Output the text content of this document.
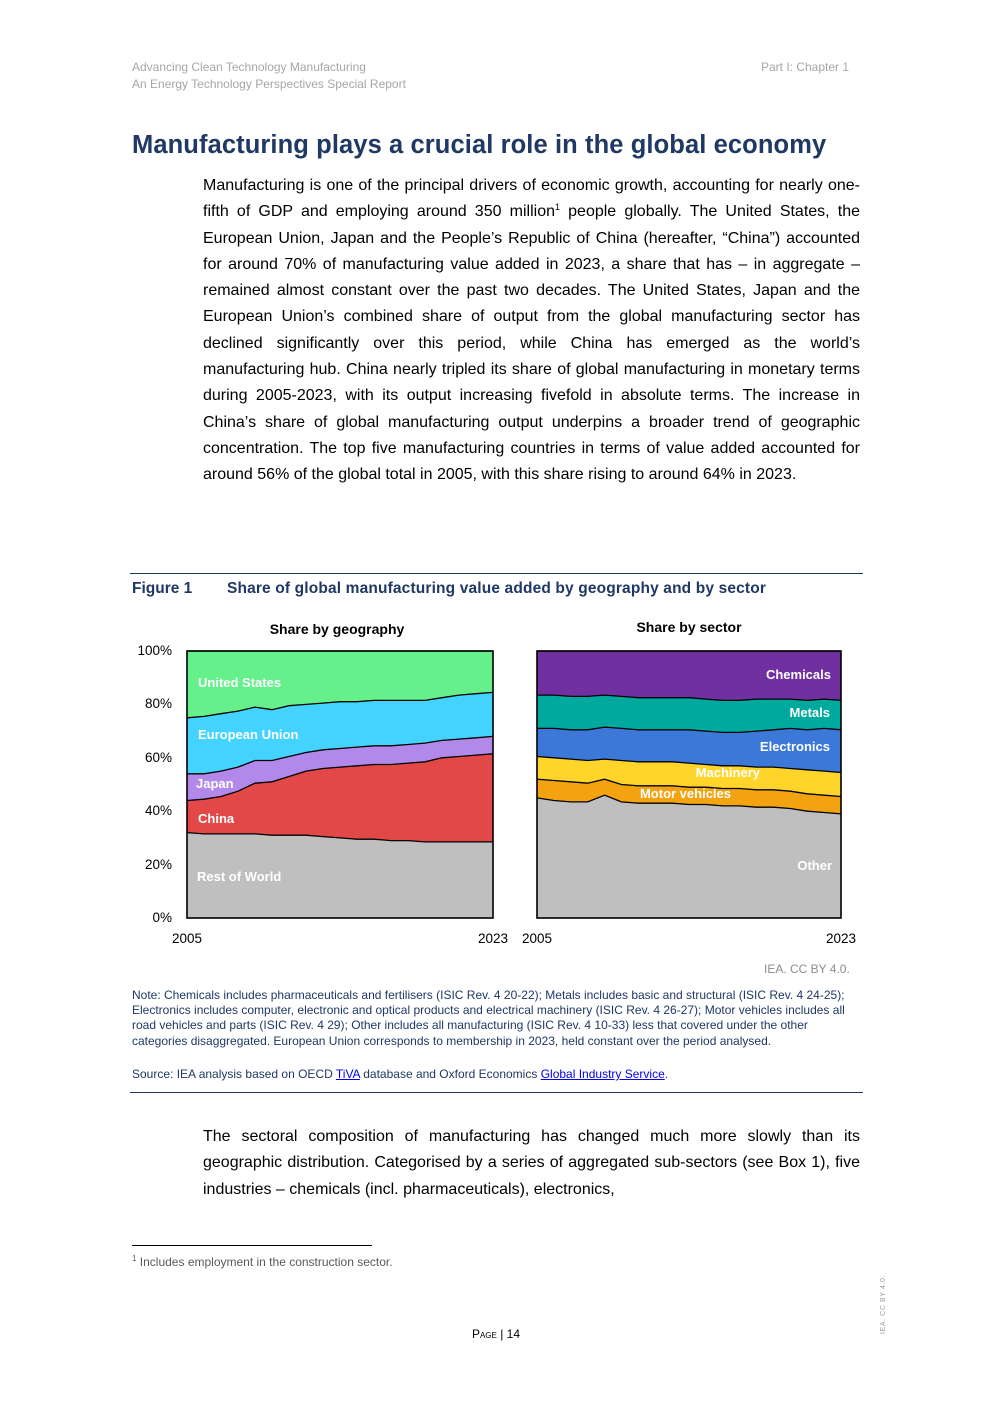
Advancing Clean Technology Manufacturing
An Energy Technology Perspectives Special Report
Part I: Chapter 1
Manufacturing plays a crucial role in the global economy

Manufacturing is one of the principal drivers of economic growth, accounting for nearly one-fifth of GDP and employing around 350 million$^1$ people globally. The United States, the European Union, Japan and the People’s Republic of China (hereafter, “China”) accounted for around 70% of manufacturing value added in 2023, a share that has – in aggregate – remained almost constant over the past two decades. The United States, Japan and the European Union’s combined share of output from the global manufacturing sector has declined significantly over this period, while China has emerged as the world’s manufacturing hub. China nearly tripled its share of global manufacturing in monetary terms during 2005-2023, with its output increasing fivefold in absolute terms. The increase in China’s share of global manufacturing output underpins a broader trend of geographic concentration. The top five manufacturing countries in terms of value added accounted for around 56% of the global total in 2005, with this share rising to around 64% in 2023.

Figure 1 Share of global manufacturing value added by geography and by sector
Share by geography
0%
20%
40%
60%
80%
100%
2005	2023
United States
European Union
Japan
China
Rest of World
Share by sector
2005	2023
Chemicals
Metals
Electronics
Machinery
Motor vehicles
Other
IEA. CC BY 4.0.

Note: Chemicals includes pharmaceuticals and fertilisers (ISIC Rev. 4 20-22); Metals includes basic and structural (ISIC Rev. 4 24-25); Electronics includes computer, electronic and optical products and electrical machinery (ISIC Rev. 4 26-27); Motor vehicles includes all road vehicles and parts (ISIC Rev. 4 29); Other includes all manufacturing (ISIC Rev. 4 10-33) less that covered under the other categories disaggregated. European Union corresponds to membership in 2023, held constant over the period analysed.

Source: IEA analysis based on OECD TiVA database and Oxford Economics Global Industry Service.

The sectoral composition of manufacturing has changed much more slowly than its geographic distribution. Categorised by a series of aggregated sub-sectors (see Box 1), five industries – chemicals (incl. pharmaceuticals), electronics,

$^1$ Includes employment in the construction sector.
Page | 14	IEA. CC BY 4.0.
